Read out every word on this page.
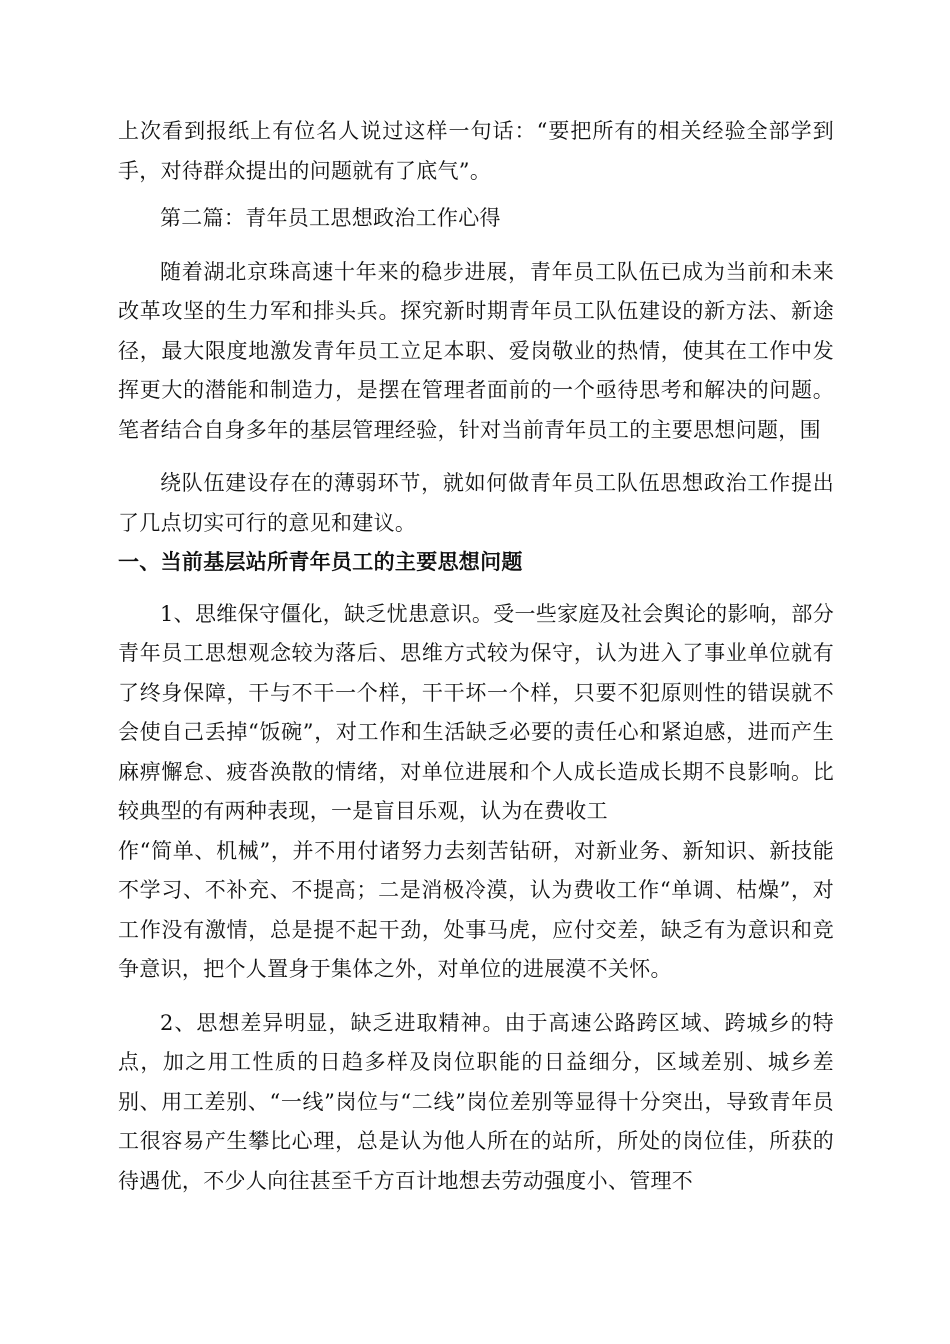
上次看到报纸上有位名人说过这样一句话：“要把所有的相关经验全部学到手，对待群众提出的问题就有了底气”。

第二篇：青年员工思想政治工作心得

随着湖北京珠高速十年来的稳步进展，青年员工队伍已成为当前和未来改革攻坚的生力军和排头兵。探究新时期青年员工队伍建设的新方法、新途径，最大限度地激发青年员工立足本职、爱岗敬业的热情，使其在工作中发挥更大的潜能和制造力，是摆在管理者面前的一个亟待思考和解决的问题。笔者结合自身多年的基层管理经验，针对当前青年员工的主要思想问题，围

绕队伍建设存在的薄弱环节，就如何做青年员工队伍思想政治工作提出了几点切实可行的意见和建议。

一、当前基层站所青年员工的主要思想问题

1、思维保守僵化，缺乏忧患意识。受一些家庭及社会舆论的影响，部分青年员工思想观念较为落后、思维方式较为保守，认为进入了事业单位就有了终身保障，干与不干一个样，干干坏一个样，只要不犯原则性的错误就不会使自己丢掉“饭碗”，对工作和生活缺乏必要的责任心和紧迫感，进而产生麻痹懈怠、疲沓涣散的情绪，对单位进展和个人成长造成长期不良影响。比较典型的有两种表现，一是盲目乐观，认为在费收工

作“简单、机械”，并不用付诸努力去刻苦钻研，对新业务、新知识、新技能不学习、不补充、不提高；二是消极冷漠，认为费收工作“单调、枯燥”，对工作没有激情，总是提不起干劲，处事马虎，应付交差，缺乏有为意识和竞争意识，把个人置身于集体之外，对单位的进展漠不关怀。

2、思想差异明显，缺乏进取精神。由于高速公路跨区域、跨城乡的特点，加之用工性质的日趋多样及岗位职能的日益细分，区域差别、城乡差别、用工差别、“一线”岗位与“二线”岗位差别等显得十分突出，导致青年员工很容易产生攀比心理，总是认为他人所在的站所，所处的岗位佳，所获的待遇优，不少人向往甚至千方百计地想去劳动强度小、管理不
